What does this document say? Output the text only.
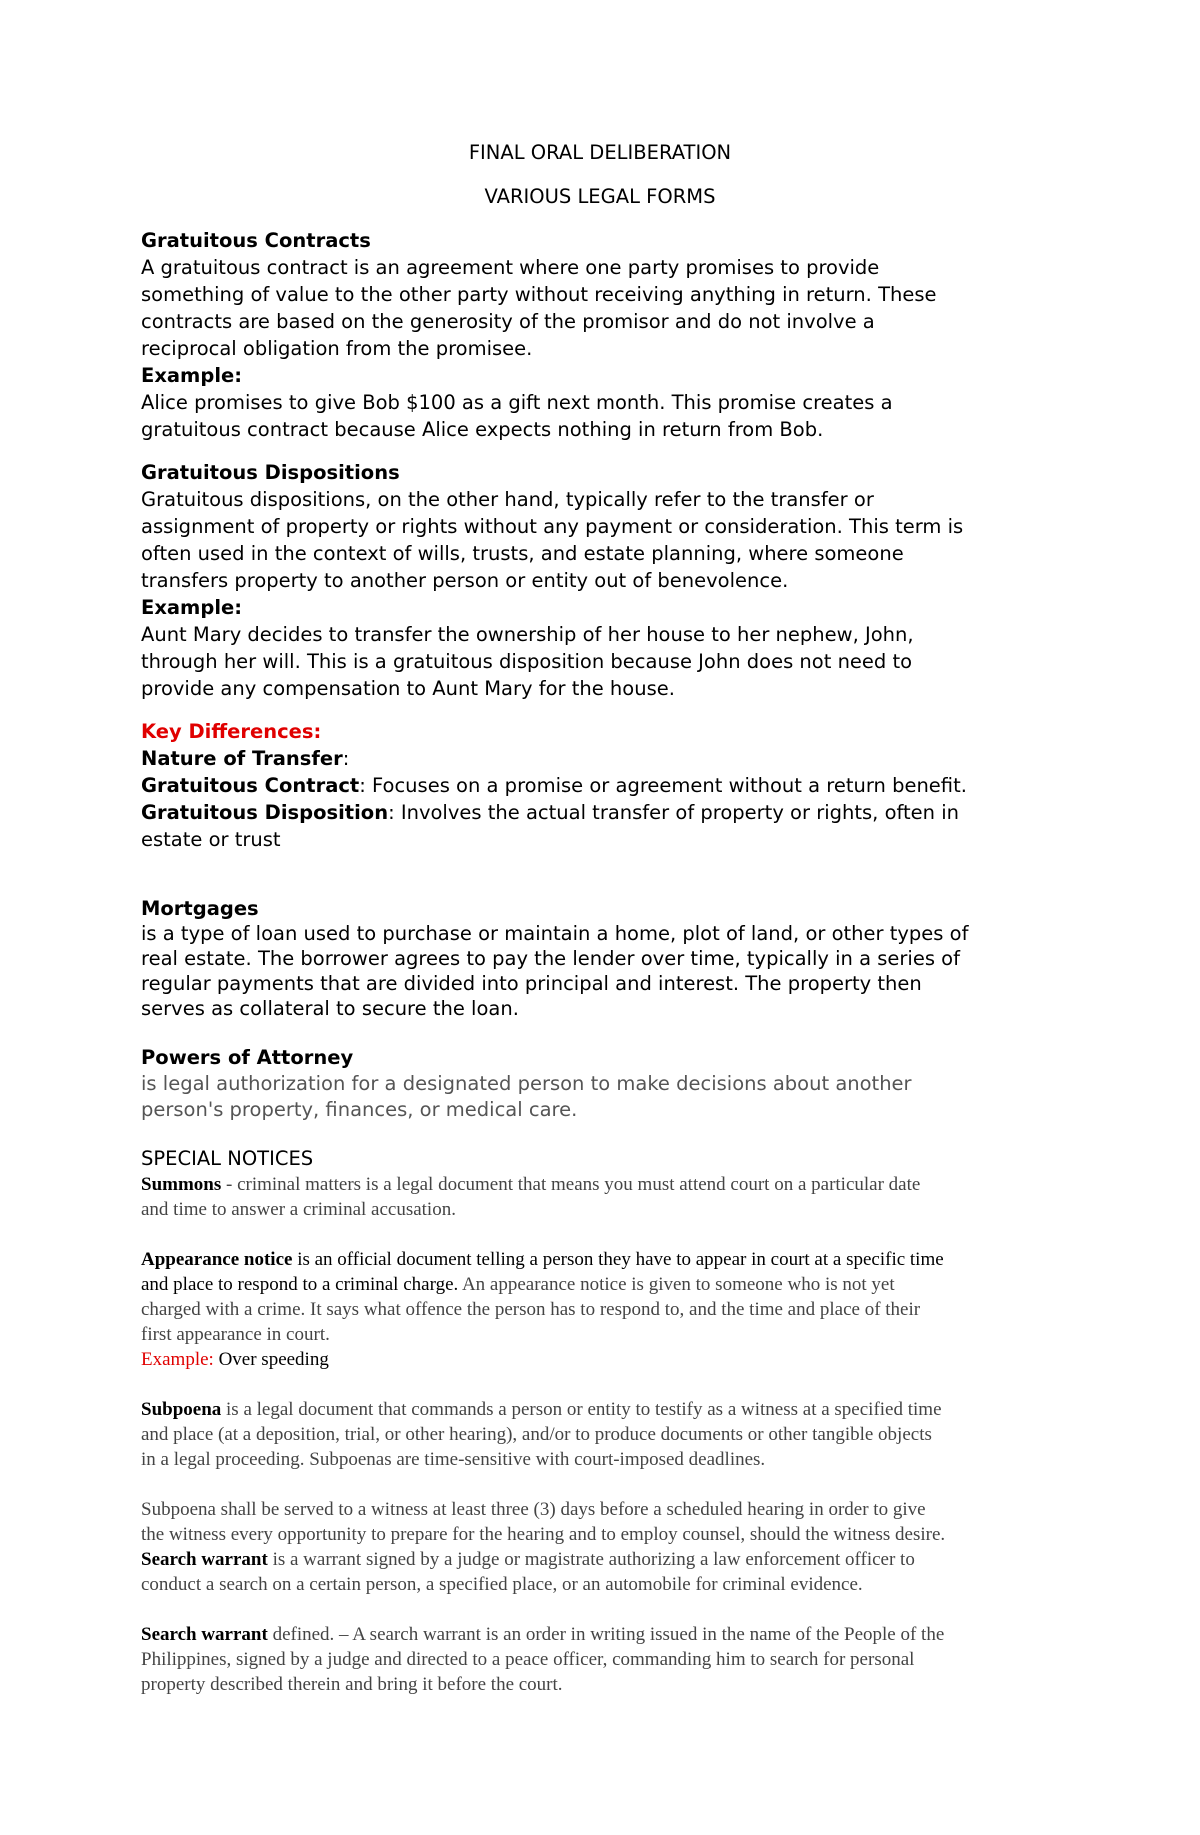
FINAL ORAL DELIBERATION
VARIOUS LEGAL FORMS
Gratuitous Contracts
A gratuitous contract is an agreement where one party promises to provide
something of value to the other party without receiving anything in return. These
contracts are based on the generosity of the promisor and do not involve a
reciprocal obligation from the promisee.
Example:
Alice promises to give Bob $100 as a gift next month. This promise creates a
gratuitous contract because Alice expects nothing in return from Bob.
Gratuitous Dispositions
Gratuitous dispositions, on the other hand, typically refer to the transfer or
assignment of property or rights without any payment or consideration. This term is
often used in the context of wills, trusts, and estate planning, where someone
transfers property to another person or entity out of benevolence.
Example:
Aunt Mary decides to transfer the ownership of her house to her nephew, John,
through her will. This is a gratuitous disposition because John does not need to
provide any compensation to Aunt Mary for the house.
Key Differences:
Nature of Transfer:
Gratuitous Contract: Focuses on a promise or agreement without a return benefit.
Gratuitous Disposition: Involves the actual transfer of property or rights, often in
estate or trust
Mortgages
is a type of loan used to purchase or maintain a home, plot of land, or other types of
real estate. The borrower agrees to pay the lender over time, typically in a series of
regular payments that are divided into principal and interest. The property then
serves as collateral to secure the loan.
Powers of Attorney
is legal authorization for a designated person to make decisions about another
person's property, finances, or medical care.
SPECIAL NOTICES
Summons - criminal matters is a legal document that means you must attend court on a particular date
and time to answer a criminal accusation.
Appearance notice is an official document telling a person they have to appear in court at a specific time
and place to respond to a criminal charge. An appearance notice is given to someone who is not yet
charged with a crime. It says what offence the person has to respond to, and the time and place of their
first appearance in court.
Example: Over speeding
Subpoena is a legal document that commands a person or entity to testify as a witness at a specified time
and place (at a deposition, trial, or other hearing), and/or to produce documents or other tangible objects
in a legal proceeding. Subpoenas are time-sensitive with court-imposed deadlines.
Subpoena shall be served to a witness at least three (3) days before a scheduled hearing in order to give
the witness every opportunity to prepare for the hearing and to employ counsel, should the witness desire.
Search warrant is a warrant signed by a judge or magistrate authorizing a law enforcement officer to
conduct a search on a certain person, a specified place, or an automobile for criminal evidence.
Search warrant defined. – A search warrant is an order in writing issued in the name of the People of the
Philippines, signed by a judge and directed to a peace officer, commanding him to search for personal
property described therein and bring it before the court.
